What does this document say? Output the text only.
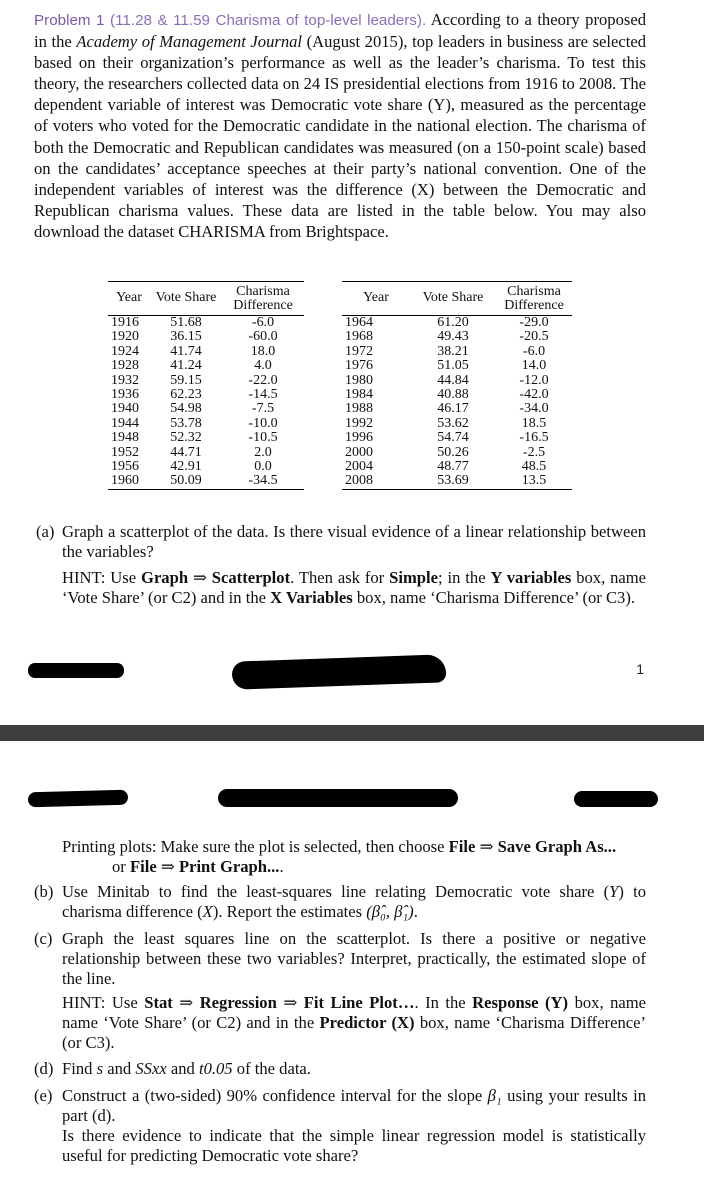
Problem 1 (11.28 & 11.59 Charisma of top-level leaders). According to a theory proposed in the Academy of Management Journal (August 2015), top leaders in business are selected based on their organization’s performance as well as the leader’s charisma. To test this theory, the researchers collected data on 24 IS presidential elections from 1916 to 2008. The dependent variable of interest was Democratic vote share (Y), measured as the percentage of voters who voted for the Democratic candidate in the national election. The charisma of both the Democratic and Republican candidates was measured (on a 150-point scale) based on the candidates’ acceptance speeches at their party’s national convention. One of the independent variables of interest was the difference (X) between the Democratic and Republican charisma values. These data are listed in the table below. You may also download the dataset CHARISMA from Brightspace.
Year	Vote Share	Charisma
Difference

1916	51.68	-6.0
1920	36.15	-60.0
1924	41.74	18.0
1928	41.24	4.0
1932	59.15	-22.0
1936	62.23	-14.5
1940	54.98	-7.5
1944	53.78	-10.0
1948	52.32	-10.5
1952	44.71	2.0
1956	42.91	0.0
1960	50.09	-34.5
Year	Vote Share	Charisma
Difference

1964	61.20	-29.0
1968	49.43	-20.5
1972	38.21	-6.0
1976	51.05	14.0
1980	44.84	-12.0
1984	40.88	-42.0
1988	46.17	-34.0
1992	53.62	18.5
1996	54.74	-16.5
2000	50.26	-2.5
2004	48.77	48.5
2008	53.69	13.5
(a) Graph a scatterplot of the data. Is there visual evidence of a linear relationship between the variables?
HINT: Use Graph ⇒ Scatterplot. Then ask for Simple; in the Y variables box, name ‘Vote Share’ (or C2) and in the X Variables box, name ‘Charisma Difference’ (or C3).
1
Printing plots: Make sure the plot is selected, then choose File ⇒ Save Graph As...
or File ⇒ Print Graph....
(b) Use Minitab to find the least-squares line relating Democratic vote share (Y) to charisma difference (X). Report the estimates (β̂₀, β̂₁).
(c) Graph the least squares line on the scatterplot. Is there a positive or negative relationship between these two variables? Interpret, practically, the estimated slope of the line.
HINT: Use Stat ⇒ Regression ⇒ Fit Line Plot…. In the Response (Y) box, name name ‘Vote Share’ (or C2) and in the Predictor (X) box, name ‘Charisma Difference’ (or C3).
(d) Find s and SSxx and t0.05 of the data.
(e) Construct a (two-sided) 90% confidence interval for the slope β₁ using your results in part (d).
Is there evidence to indicate that the simple linear regression model is statistically useful for predicting Democratic vote share?
